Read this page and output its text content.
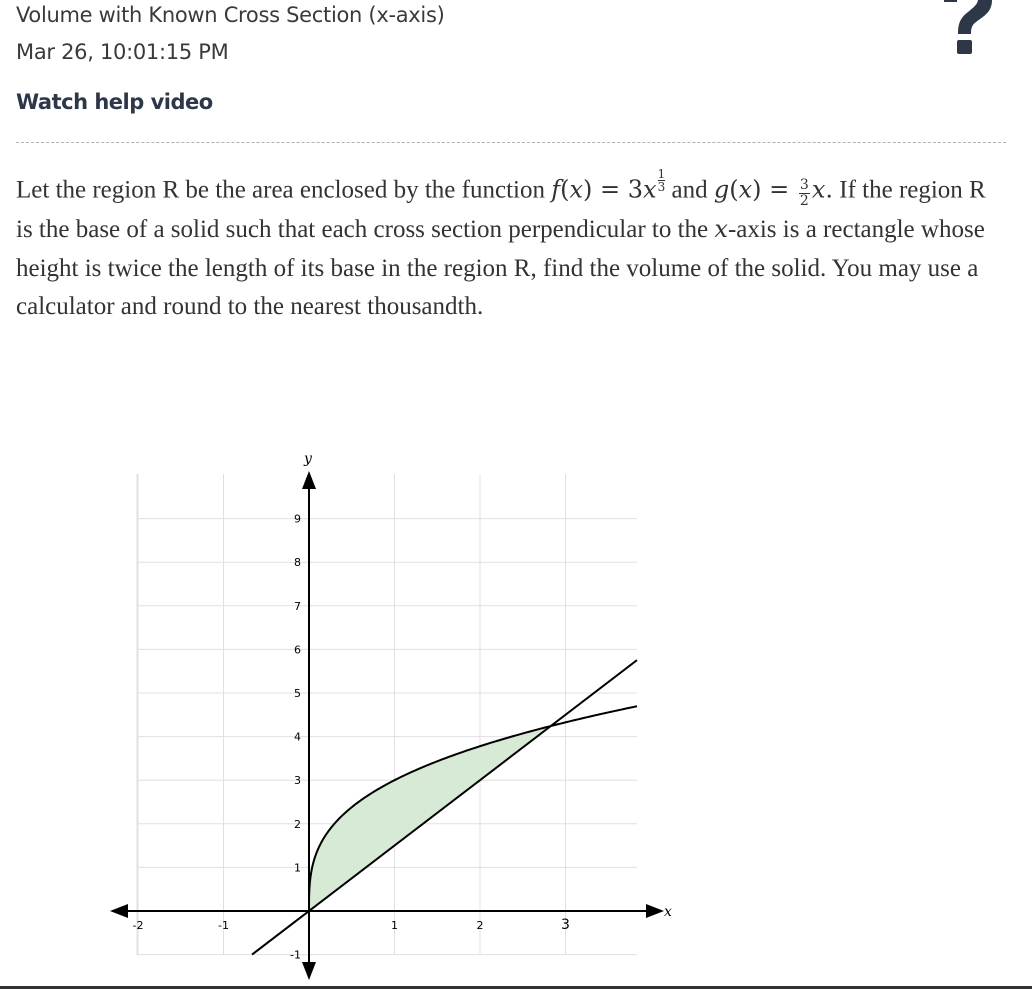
Volume with Known Cross Section (x-axis)
Mar 26, 10:01:15 PM
Watch help video
Let the region R be the area enclosed by the function $f(x) = 3x \frac{1}{3}$ and $g(x) = \frac{3}{2} x$. If the region R is the base of a solid such that each cross section perpendicular to the x-axis is a rectangle whose height is twice the length of its base in the region R, find the volume of the solid. You may use a calculator and round to the nearest thousandth.
-2	-1	1	2	3
-1
1
2
3
4
5
6
7
8
9
x
y
